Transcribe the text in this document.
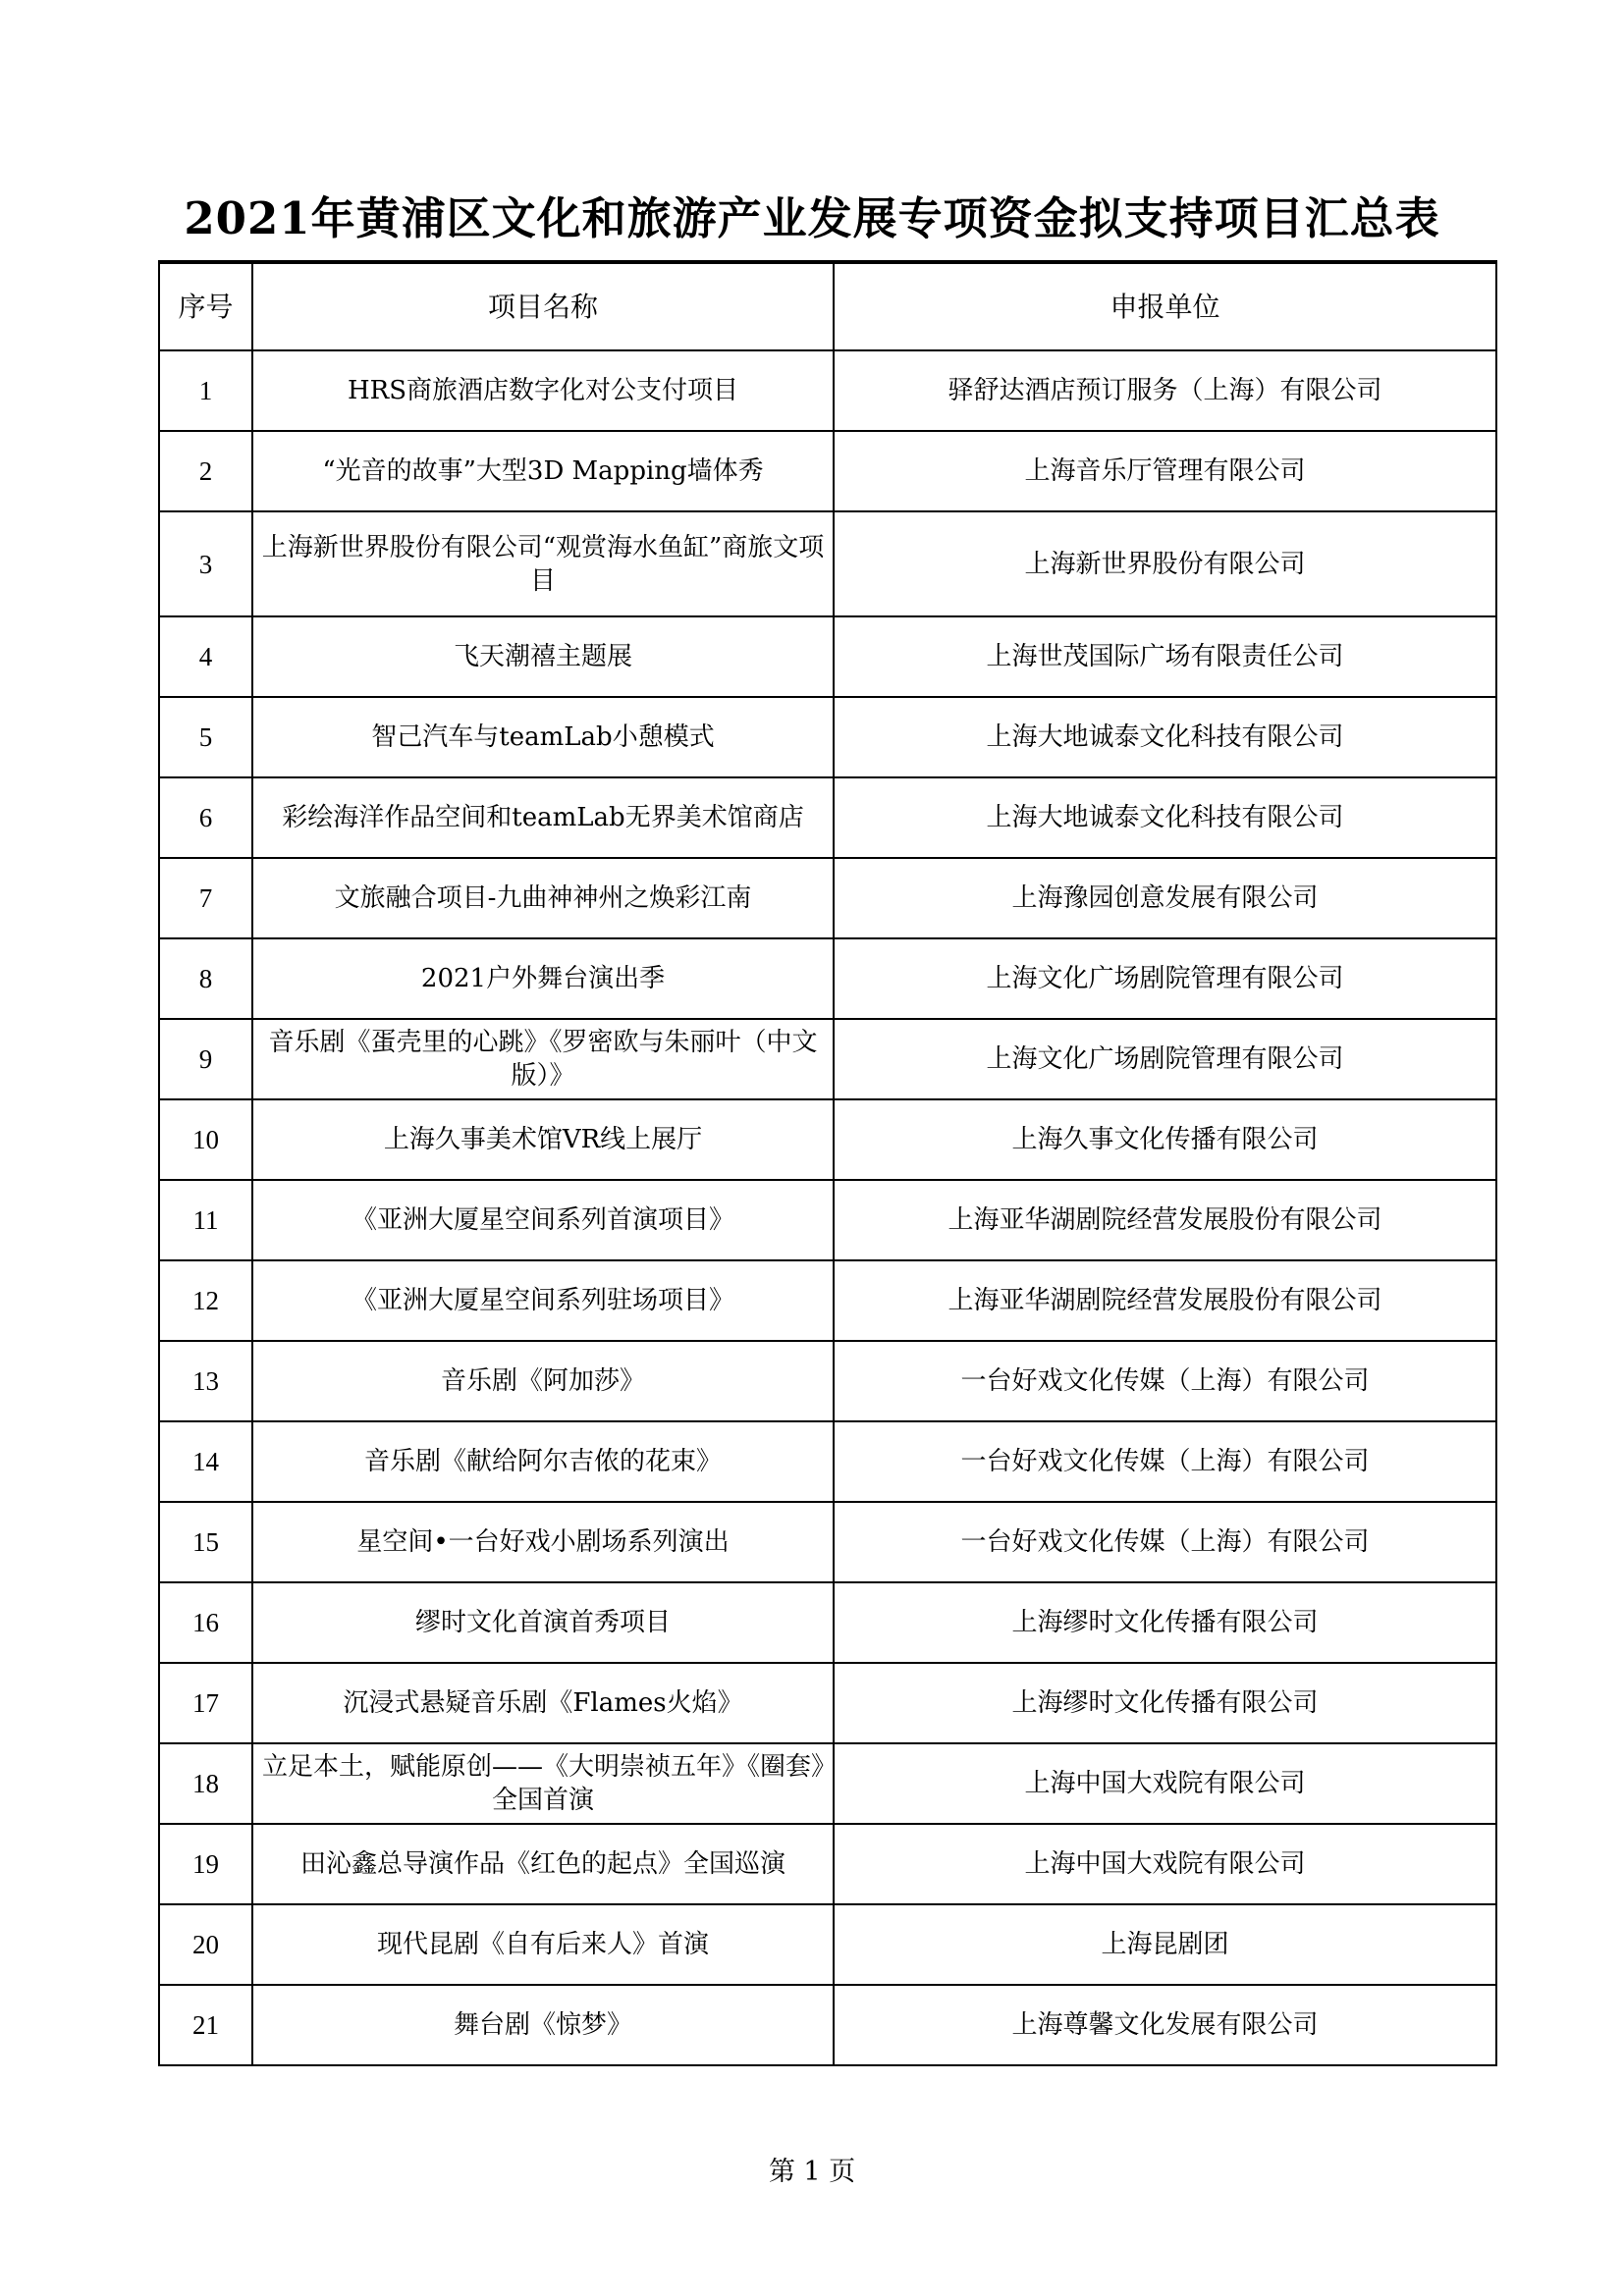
2021年黄浦区文化和旅游产业发展专项资金拟支持项目汇总表
序号	项目名称	申报单位
1	HRS商旅酒店数字化对公支付项目	驿舒达酒店预订服务（上海）有限公司
2	“光音的故事”大型3D Mapping墙体秀	上海音乐厅管理有限公司
3	上海新世界股份有限公司“观赏海水鱼缸”商旅文项目	上海新世界股份有限公司
4	飞天潮禧主题展	上海世茂国际广场有限责任公司
5	智己汽车与teamLab小憩模式	上海大地诚泰文化科技有限公司
6	彩绘海洋作品空间和teamLab无界美术馆商店	上海大地诚泰文化科技有限公司
7	文旅融合项目-九曲神神州之焕彩江南	上海豫园创意发展有限公司
8	2021户外舞台演出季	上海文化广场剧院管理有限公司
9	音乐剧《蛋壳里的心跳》《罗密欧与朱丽叶（中文版）》	上海文化广场剧院管理有限公司
10	上海久事美术馆VR线上展厅	上海久事文化传播有限公司
11	《亚洲大厦星空间系列首演项目》	上海亚华湖剧院经营发展股份有限公司
12	《亚洲大厦星空间系列驻场项目》	上海亚华湖剧院经营发展股份有限公司
13	音乐剧《阿加莎》	一台好戏文化传媒（上海）有限公司
14	音乐剧《献给阿尔吉侬的花束》	一台好戏文化传媒（上海）有限公司
15	星空间•一台好戏小剧场系列演出	一台好戏文化传媒（上海）有限公司
16	缪时文化首演首秀项目	上海缪时文化传播有限公司
17	沉浸式悬疑音乐剧《Flames火焰》	上海缪时文化传播有限公司
18	立足本土，赋能原创——《大明崇祯五年》《圈套》全国首演	上海中国大戏院有限公司
19	田沁鑫总导演作品《红色的起点》全国巡演	上海中国大戏院有限公司
20	现代昆剧《自有后来人》首演	上海昆剧团
21	舞台剧《惊梦》	上海尊馨文化发展有限公司
第 1 页
